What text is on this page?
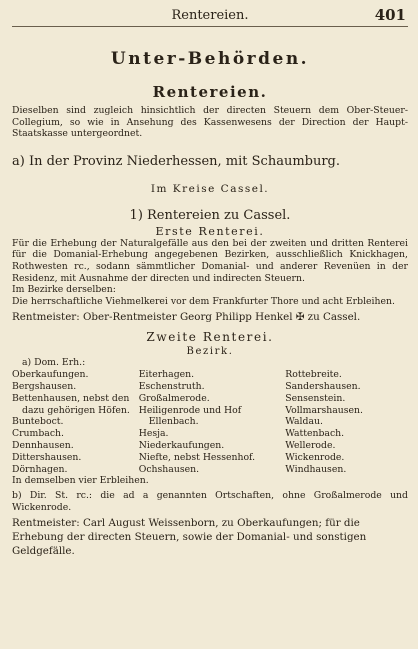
Rentereien.	401
Unter-Behörden.
Rentereien.
Dieselben sind zugleich hinsichtlich der directen Steuern dem Ober-Steuer-Collegium, so wie in Ansehung des Kassenwesens der Direction der Haupt-Staatskasse untergeordnet.
a) In der Provinz Niederhessen, mit Schaumburg.
Im Kreise Cassel.
1) Rentereien zu Cassel.
Erste Renterei.
Für die Erhebung der Naturalgefälle aus den bei der zweiten und dritten Renterei für die Domanial-Erhebung angegebenen Bezirken, ausschließlich Knickhagen, Rothwesten rc., sodann sämmtlicher Domanial- und anderer Revenüen in der Residenz, mit Ausnahme der directen und indirecten Steuern.
Im Bezirke derselben:
Die herrschaftliche Viehmelkerei vor dem Frankfurter Thore und acht Erbleihen.
Rentmeister: Ober-Rentmeister Georg Philipp Henkel ✠ zu Cassel.
Zweite Renterei.
Bezirk.
a) Dom. Erh.:
Oberkaufungen.
Bergshausen.
Bettenhausen, nebst den
dazu gehörigen Höfen.
Bunteboct.
Crumbach.
Dennhausen.
Dittershausen.
Dörnhagen.

Eiterhagen.
Eschenstruth.
Großalmerode.
Heiligenrode und Hof
Ellenbach.
Hesja.
Niederkaufungen.
Niefte, nebst Hessenhof.
Ochshausen.

Rottebreite.
Sandershausen.
Sensenstein.
Vollmarshausen.
Waldau.
Wattenbach.
Wellerode.
Wickenrode.
Windhausen.
In demselben vier Erbleihen.
b) Dir. St. rc.: die ad a genannten Ortschaften, ohne Großalmerode und Wickenrode.
Rentmeister: Carl August Weissenborn, zu Oberkaufungen; für die Erhebung der directen Steuern, sowie der Domanial- und sonstigen Geldgefälle.
